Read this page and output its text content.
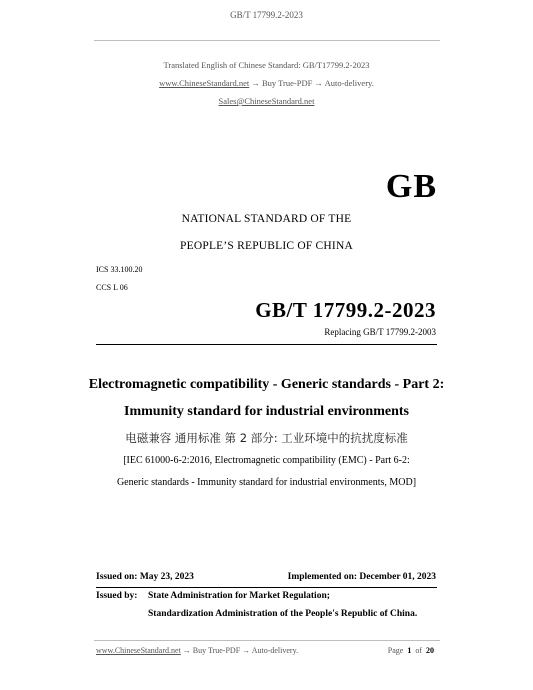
GB/T 17799.2-2023
Translated English of Chinese Standard: GB/T17799.2-2023
www.ChineseStandard.net → Buy True-PDF → Auto-delivery.
Sales@ChineseStandard.net
GB
NATIONAL STANDARD OF THE
PEOPLE’S REPUBLIC OF CHINA
ICS 33.100.20
CCS L 06
GB/T 17799.2-2023
Replacing GB/T 17799.2-2003
Electromagnetic compatibility - Generic standards - Part 2:
Immunity standard for industrial environments
电磁兼容 通用标准 第 2 部分: 工业环境中的抗扰度标准
[IEC 61000-6-2:2016, Electromagnetic compatibility (EMC) - Part 6-2:
Generic standards - Immunity standard for industrial environments, MOD]
Issued on: May 23, 2023	Implemented on: December 01, 2023
Issued by: State Administration for Market Regulation;
Standardization Administration of the People's Republic of China.
www.ChineseStandard.net → Buy True-PDF → Auto-delivery.	Page 1 of 20
